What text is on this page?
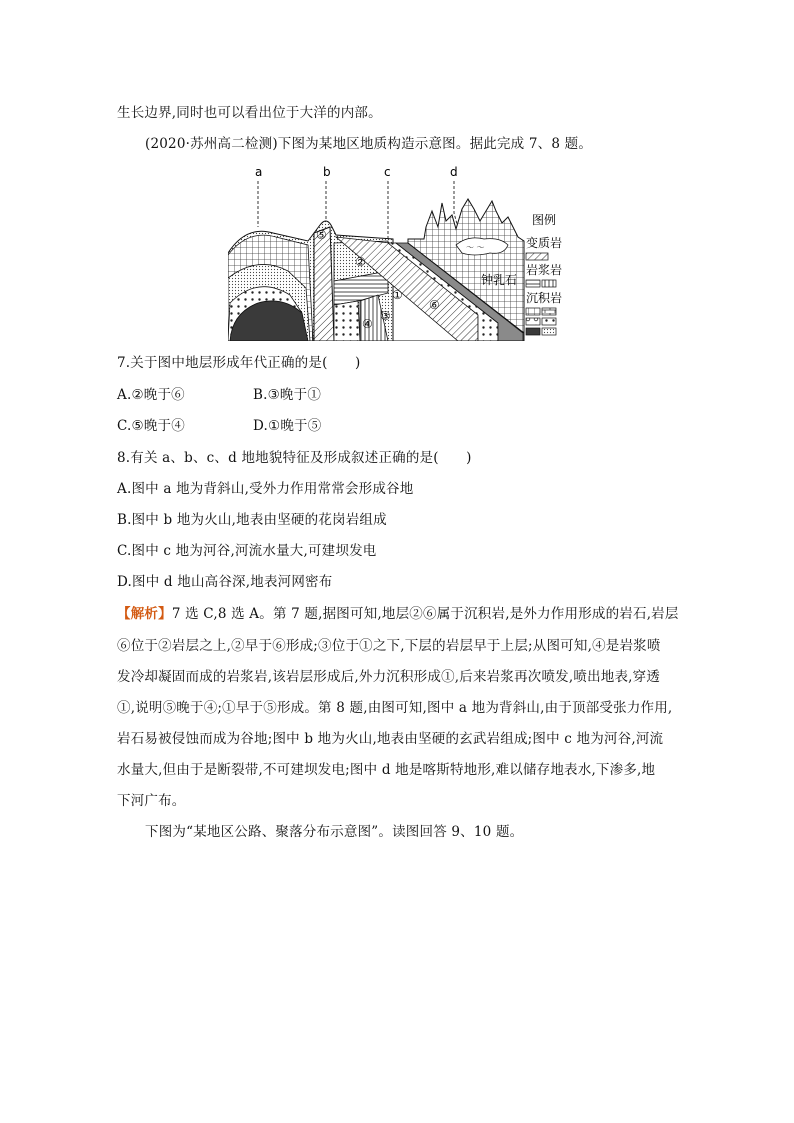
生长边界,同时也可以看出位于大洋的内部。
(2020·苏州高二检测)下图为某地区地质构造示意图。据此完成 7、8 题。
a	b	c	d
～ ～
钟乳石
①
②
③
④
⑤
⑥
图例
变质岩
岩浆岩
沉积岩
7.关于图中地层形成年代正确的是(　　)
A.②晚于⑥	B.③晚于①
C.⑤晚于④	D.①晚于⑤
8.有关 a、b、c、d 地地貌特征及形成叙述正确的是(　　)
A.图中 a 地为背斜山,受外力作用常常会形成谷地
B.图中 b 地为火山,地表由坚硬的花岗岩组成
C.图中 c 地为河谷,河流水量大,可建坝发电
D.图中 d 地山高谷深,地表河网密布
【解析】7 选 C,8 选 A。第 7 题,据图可知,地层②⑥属于沉积岩,是外力作用形成的岩石,岩层
⑥位于②岩层之上,②早于⑥形成;③位于①之下,下层的岩层早于上层;从图可知,④是岩浆喷
发冷却凝固而成的岩浆岩,该岩层形成后,外力沉积形成①,后来岩浆再次喷发,喷出地表,穿透
①,说明⑤晚于④;①早于⑤形成。第 8 题,由图可知,图中 a 地为背斜山,由于顶部受张力作用,
岩石易被侵蚀而成为谷地;图中 b 地为火山,地表由坚硬的玄武岩组成;图中 c 地为河谷,河流
水量大,但由于是断裂带,不可建坝发电;图中 d 地是喀斯特地形,难以储存地表水,下渗多,地
下河广布。
下图为“某地区公路、聚落分布示意图”。读图回答 9、10 题。
